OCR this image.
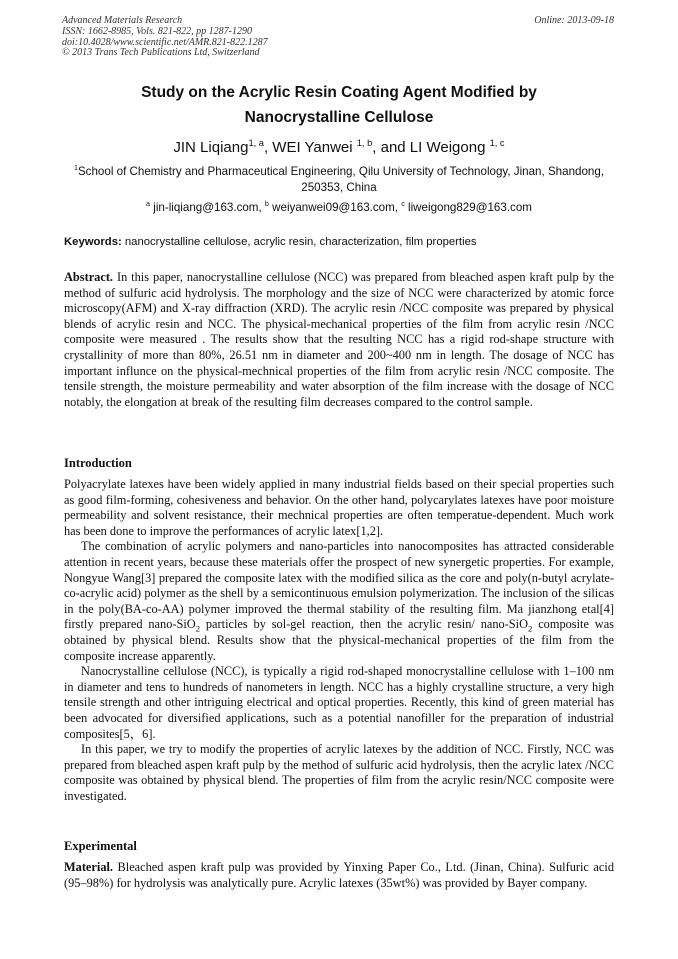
Advanced Materials Research
ISSN: 1662-8985, Vols. 821-822, pp 1287-1290
doi:10.4028/www.scientific.net/AMR.821-822.1287
© 2013 Trans Tech Publications Ltd, Switzerland
Online: 2013-09-18
Study on the Acrylic Resin Coating Agent Modified by
Nanocrystalline Cellulose
JIN Liqiang$^{1, a}$, WEI Yanwei $^{1, b}$, and LI Weigong $^{1, c}$
$^1$School of Chemistry and Pharmaceutical Engineering, Qilu University of Technology, Jinan, Shandong, 250353, China
$^a$ jin-liqiang@163.com, $^b$ weiyanwei09@163.com, $^c$ liweigong829@163.com
Keywords: nanocrystalline cellulose, acrylic resin, characterization, film properties
Abstract. In this paper, nanocrystalline cellulose (NCC) was prepared from bleached aspen kraft pulp by the method of sulfuric acid hydrolysis. The morphology and the size of NCC were characterized by atomic force microscopy(AFM) and X-ray diffraction (XRD). The acrylic resin /NCC composite was prepared by physical blends of acrylic resin and NCC. The physical-mechanical properties of the film from acrylic resin /NCC composite were measured . The results show that the resulting NCC has a rigid rod-shape structure with crystallinity of more than 80%, 26.51 nm in diameter and 200~400 nm in length. The dosage of NCC has important influnce on the physical-mechnical properties of the film from acrylic resin /NCC composite. The tensile strength, the moisture permeability and water absorption of the film increase with the dosage of NCC notably, the elongation at break of the resulting film decreases compared to the control sample.
Introduction

Polyacrylate latexes have been widely applied in many industrial fields based on their special properties such as good film-forming, cohesiveness and behavior. On the other hand, polycarylates latexes have poor moisture permeability and solvent resistance, their mechnical properties are often temperatue-dependent. Much work has been done to improve the performances of acrylic latex[1,2].

The combination of acrylic polymers and nano-particles into nanocomposites has attracted considerable attention in recent years, because these materials offer the prospect of new synergetic properties. For example, Nongyue Wang[3] prepared the composite latex with the modified silica as the core and poly(n-butyl acrylate-co-acrylic acid) polymer as the shell by a semicontinuous emulsion polymerization. The inclusion of the silicas in the poly(BA-co-AA) polymer improved the thermal stability of the resulting film. Ma jianzhong etal[4] firstly prepared nano-SiO$_2$ particles by sol-gel reaction, then the acrylic resin/ nano-SiO$_2$ composite was obtained by physical blend. Results show that the physical-mechanical properties of the film from the composite increase apparently.

Nanocrystalline cellulose (NCC), is typically a rigid rod-shaped monocrystalline cellulose with 1–100 nm in diameter and tens to hundreds of nanometers in length. NCC has a highly crystalline structure, a very high tensile strength and other intriguing electrical and optical properties. Recently, this kind of green material has been advocated for diversified applications, such as a potential nanofiller for the preparation of industrial composites[5，6].

In this paper, we try to modify the properties of acrylic latexes by the addition of NCC. Firstly, NCC was prepared from bleached aspen kraft pulp by the method of sulfuric acid hydrolysis, then the acrylic latex /NCC composite was obtained by physical blend. The properties of film from the acrylic resin/NCC composite were investigated.

Experimental
Material. Bleached aspen kraft pulp was provided by Yinxing Paper Co., Ltd. (Jinan, China). Sulfuric acid (95–98%) for hydrolysis was analytically pure. Acrylic latexes (35wt%) was provided by Bayer company.
